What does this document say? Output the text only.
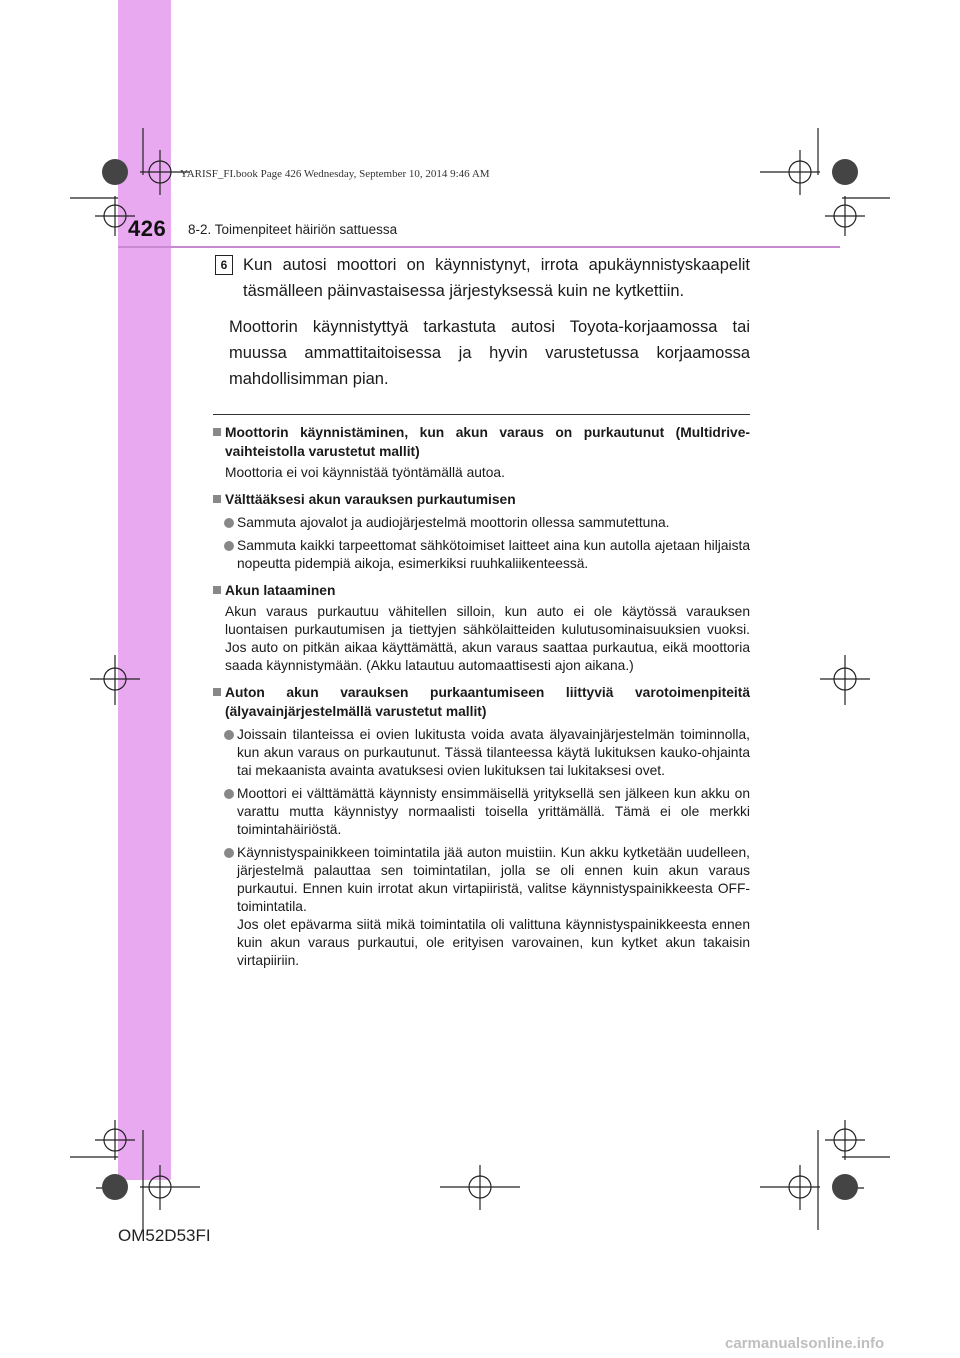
YARISF_FI.book Page 426 Wednesday, September 10, 2014 9:46 AM
426 8-2. Toimenpiteet häiriön sattuessa
6 Kun autosi moottori on käynnistynyt, irrota apukäynnistyskaapelit täsmälleen päinvastaisessa järjestyksessä kuin ne kytkettiin.
Moottorin käynnistyttyä tarkastuta autosi Toyota-korjaamossa tai muussa ammattitaitoisessa ja hyvin varustetussa korjaamossa mahdollisimman pian.
Moottorin käynnistäminen, kun akun varaus on purkautunut (Multidrive-vaihteistolla varustetut mallit)
Moottoria ei voi käynnistää työntämällä autoa.
Välttääksesi akun varauksen purkautumisen
Sammuta ajovalot ja audiojärjestelmä moottorin ollessa sammutettuna.
Sammuta kaikki tarpeettomat sähkötoimiset laitteet aina kun autolla ajetaan hiljaista nopeutta pidempiä aikoja, esimerkiksi ruuhkaliikenteessä.
Akun lataaminen
Akun varaus purkautuu vähitellen silloin, kun auto ei ole käytössä varauksen luontaisen purkautumisen ja tiettyjen sähkölaitteiden kulutusominaisuuksien vuoksi. Jos auto on pitkän aikaa käyttämättä, akun varaus saattaa purkautua, eikä moottoria saada käynnistymään. (Akku latautuu automaattisesti ajon aikana.)
Auton akun varauksen purkaantumiseen liittyviä varotoimenpiteitä (älyavainjärjestelmällä varustetut mallit)
Joissain tilanteissa ei ovien lukitusta voida avata älyavainjärjestelmän toiminnolla, kun akun varaus on purkautunut. Tässä tilanteessa käytä lukituksen kauko-ohjainta tai mekaanista avainta avatuksesi ovien lukituksen tai lukitaksesi ovet.
Moottori ei välttämättä käynnisty ensimmäisellä yrityksellä sen jälkeen kun akku on varattu mutta käynnistyy normaalisti toisella yrittämällä. Tämä ei ole merkki toimintahäiriöstä.
Käynnistyspainikkeen toimintatila jää auton muistiin. Kun akku kytketään uudelleen, järjestelmä palauttaa sen toimintatilan, jolla se oli ennen kuin akun varaus purkautui. Ennen kuin irrotat akun virtapiiristä, valitse käynnistyspainikkeesta OFF-toimintatila.
Jos olet epävarma siitä mikä toimintatila oli valittuna käynnistyspainikkeesta ennen kuin akun varaus purkautui, ole erityisen varovainen, kun kytket akun takaisin virtapiiriin.
OM52D53FI
carmanualsonline.info
